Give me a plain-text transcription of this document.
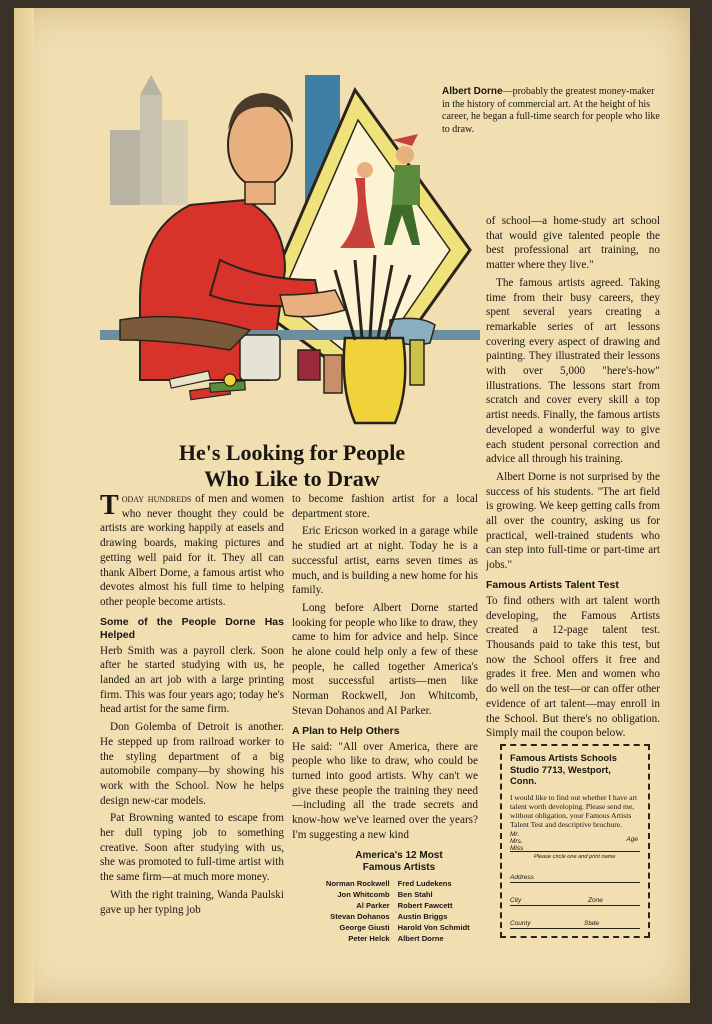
Albert Dorne—probably the greatest money-maker in the history of commercial art. At the height of his career, he began a full-time search for people who like to draw.
He's Looking for People
Who Like to Draw

Today hundreds of men and women who never thought they could be artists are working happily at easels and drawing boards, making pictures and getting well paid for it. They all can thank Albert Dorne, a famous artist who devotes almost his full time to helping other people become artists.

Some of the People Dorne Has Helped

Herb Smith was a payroll clerk. Soon after he started studying with us, he landed an art job with a large printing firm. This was four years ago; today he's head artist for the same firm.

Don Golemba of Detroit is another. He stepped up from railroad worker to the styling department of a big automobile company—by showing his work with the School. Now he helps design new-car models.

Pat Browning wanted to escape from her dull typing job to something creative. Soon after studying with us, she was promoted to full-time artist with the same firm—at much more money.

With the right training, Wanda Paulski gave up her typing job

to become fashion artist for a local department store.

Eric Ericson worked in a garage while he studied art at night. Today he is a successful artist, earns seven times as much, and is building a new home for his family.

Long before Albert Dorne started looking for people who like to draw, they came to him for advice and help. Since he alone could help only a few of these people, he called together America's most successful artists—men like Norman Rockwell, Jon Whitcomb, Stevan Dohanos and Al Parker.

A Plan to Help Others

He said: "All over America, there are people who like to draw, who could be turned into good artists. Why can't we give these people the training they need—including all the trade secrets and know-how we've learned over the years? I'm suggesting a new kind

America's 12 Most
Famous Artists
Norman Rockwell	Fred Ludekens
Jon Whitcomb	Ben Stahl
Al Parker	Robert Fawcett
Stevan Dohanos	Austin Briggs
George Giusti	Harold Von Schmidt
Peter Helck	Albert Dorne

of school—a home-study art school that would give talented people the best professional art training, no matter where they live."

The famous artists agreed. Taking time from their busy careers, they spent several years creating a remarkable series of art lessons covering every aspect of drawing and painting. They illustrated their lessons with over 5,000 "here's-how" illustrations. The lessons start from scratch and cover every skill a top artist needs. Finally, the famous artists developed a wonderful way to give each student personal correction and advice all through his training.

Albert Dorne is not surprised by the success of his students. "The art field is growing. We keep getting calls from all over the country, asking us for practical, well-trained students who can step into full-time or part-time art jobs."

Famous Artists Talent Test

To find others with art talent worth developing, the Famous Artists created a 12-page talent test. Thousands paid to take this test, but now the School offers it free and grades it free. Men and women who do well on the test—or can offer other evidence of art talent—may enroll in the School. But there's no obligation. Simply mail the coupon below.

Famous Artists Schools
Studio 7713, Westport, Conn.
I would like to find out whether I have art talent worth developing. Please send me, without obligation, your Famous Artists Talent Test and descriptive brochure.
Mr. Mrs. Miss
Age
Please circle one and print name
Address
City	Zone
County	State
